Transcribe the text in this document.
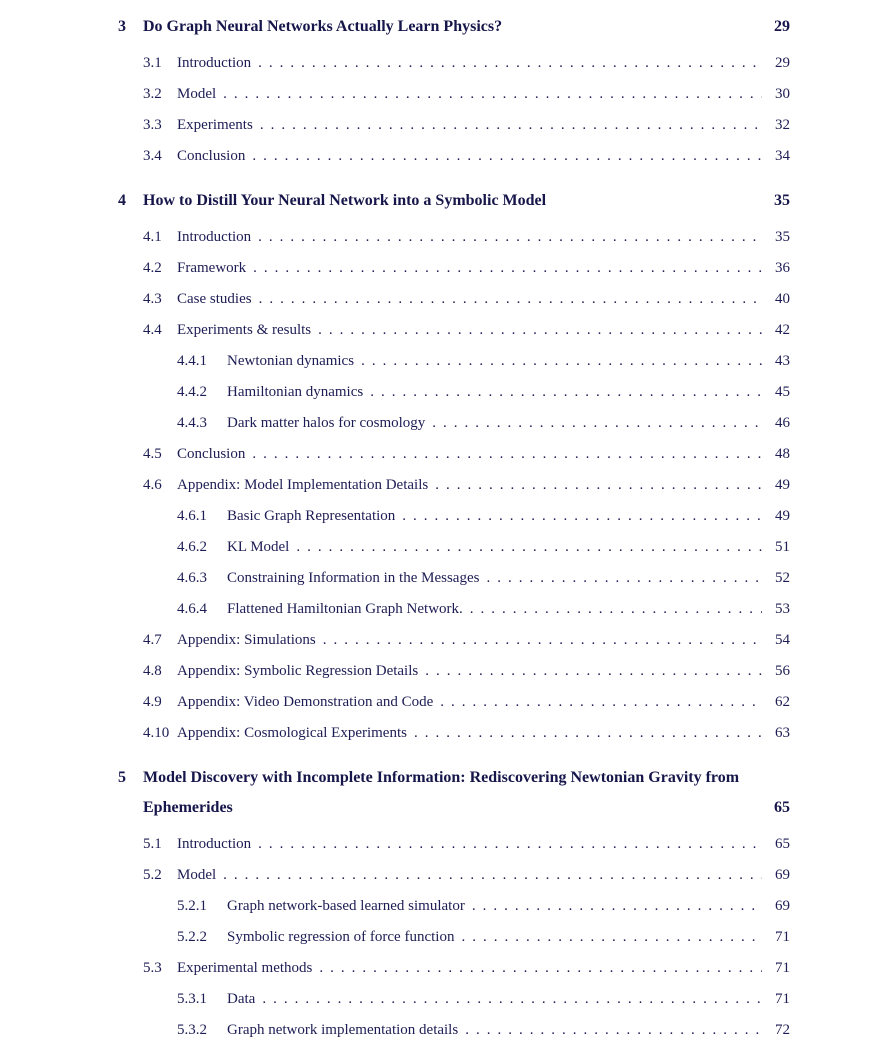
3	Do Graph Neural Networks Actually Learn Physics?	29
3.1	Introduction .....	29
3.2	Model .....	30
3.3	Experiments .....	32
3.4	Conclusion .....	34
4	How to Distill Your Neural Network into a Symbolic Model	35
4.1	Introduction .....	35
4.2	Framework .....	36
4.3	Case studies .....	40
4.4	Experiments & results .....	42
4.4.1	Newtonian dynamics .....	43
4.4.2	Hamiltonian dynamics .....	45
4.4.3	Dark matter halos for cosmology .....	46
4.5	Conclusion .....	48
4.6	Appendix: Model Implementation Details .....	49
4.6.1	Basic Graph Representation .....	49
4.6.2	KL Model .....	51
4.6.3	Constraining Information in the Messages .....	52
4.6.4	Flattened Hamiltonian Graph Network. .....	53
4.7	Appendix: Simulations .....	54
4.8	Appendix: Symbolic Regression Details .....	56
4.9	Appendix: Video Demonstration and Code .....	62
4.10 Appendix: Cosmological Experiments .....	63
5	Model Discovery with Incomplete Information: Rediscovering Newtonian Gravity from Ephemerides	65
5.1	Introduction .....	65
5.2	Model .....	69
5.2.1	Graph network-based learned simulator .....	69
5.2.2	Symbolic regression of force function .....	71
5.3	Experimental methods .....	71
5.3.1	Data .....	71
5.3.2	Graph network implementation details .....	72
